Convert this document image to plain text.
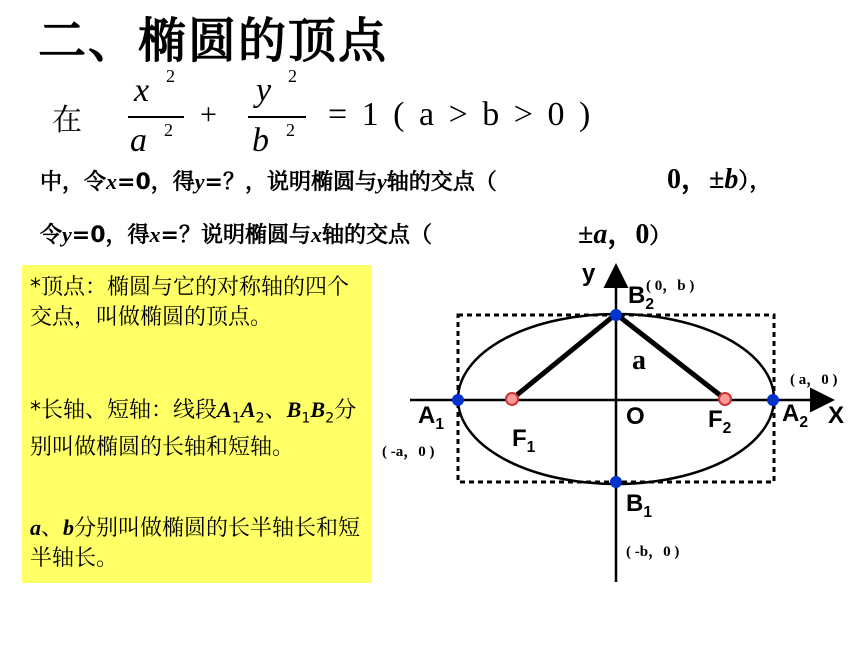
二、椭圆的顶点
在
x 2
a 2 +
y 2
b 2 = 1 ( a > b > 0 )
中，令x=0，得y=？，说明椭圆与y轴的交点（	0，±b），
令y=0，得x=？说明椭圆与x轴的交点（	±a，0）
*顶点：椭圆与它的对称轴的四个交点，叫做椭圆的顶点。
*长轴、短轴：线段$A_1A_2$、$B_1B_2$分别叫做椭圆的长轴和短轴。
a、b分别叫做椭圆的长半轴长和短半轴长。
y
X
O
$B_2$
( 0，b )
$B_1$
( -b，0 )
$A_1$
( -a，0 )
$A_2$
( a，0 )
$F_1$
$F_2$
a
